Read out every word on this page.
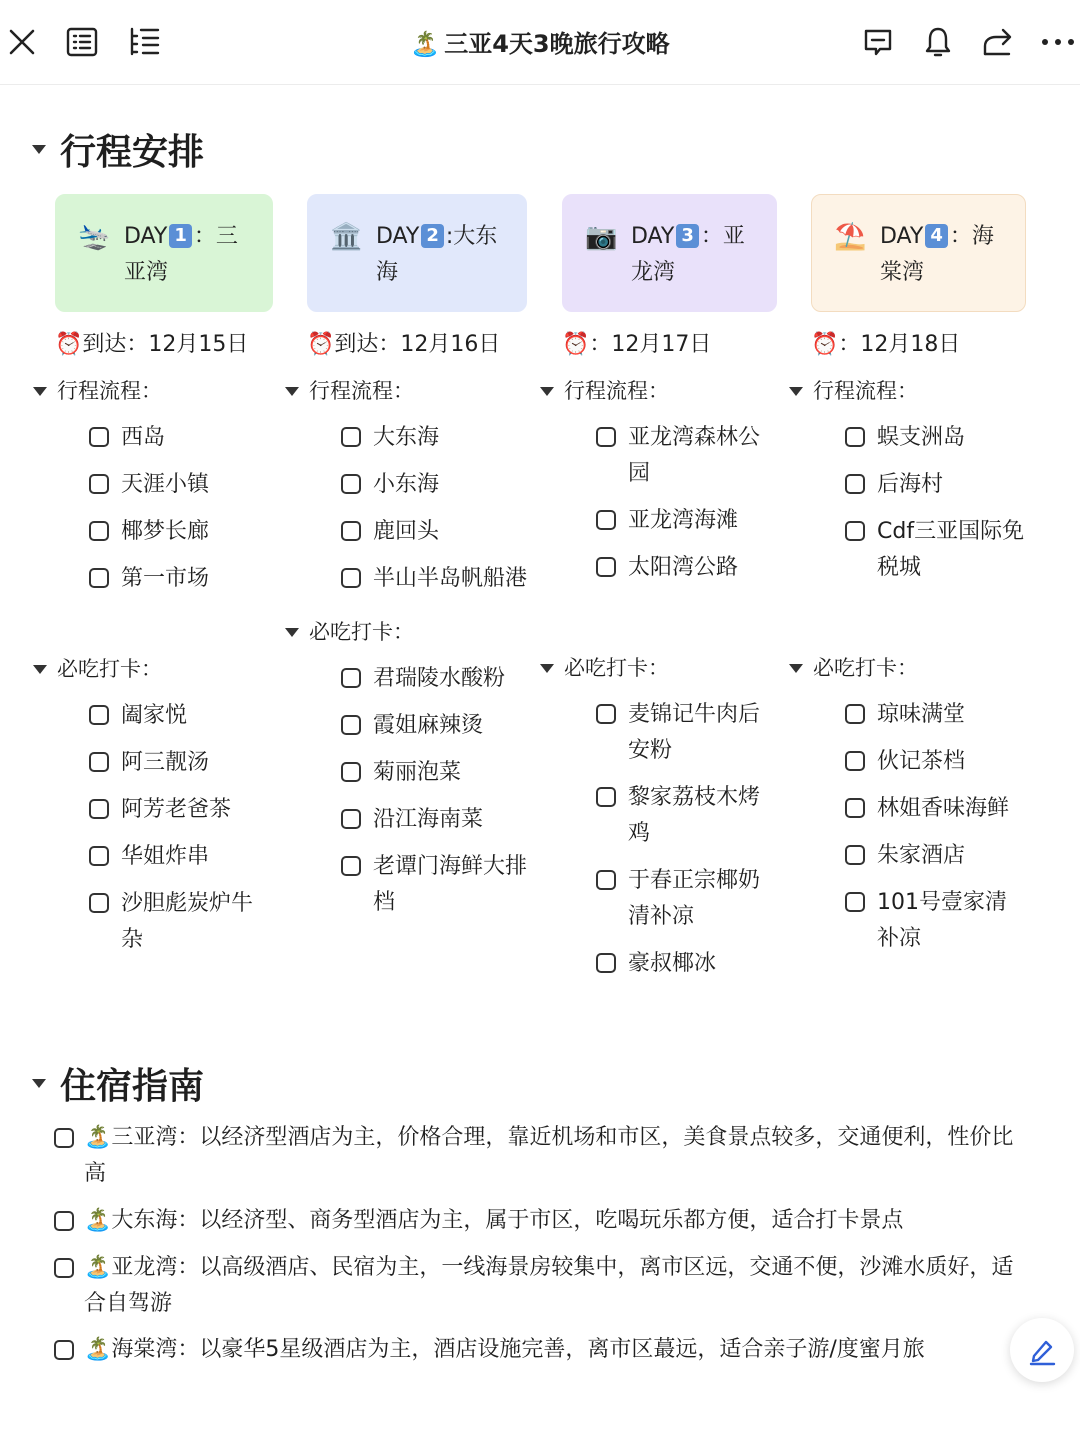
🏝️ 三亚4天3晚旅行攻略
行程安排
🛬 DAY 1 ：三亚湾
⏰到达：12月15日
行程流程：
西岛
天涯小镇
椰梦长廊
第一市场
必吃打卡：
阖家悦
阿三靓汤
阿芳老爸茶
华姐炸串
沙胆彪炭炉牛杂
🏛️ DAY 2 :大东海
⏰到达：12月16日
行程流程：
大东海
小东海
鹿回头
半山半岛帆船港
必吃打卡：
君瑞陵水酸粉
霞姐麻辣烫
菊丽泡菜
沿江海南菜
老谭门海鲜大排档
📷 DAY 3 ：亚龙湾
⏰：12月17日
行程流程：
亚龙湾森林公园
亚龙湾海滩
太阳湾公路
必吃打卡：
麦锦记牛肉后安粉
黎家荔枝木烤鸡
于春正宗椰奶清补凉
豪叔椰冰
⛱️ DAY 4 ：海棠湾
⏰：12月18日
行程流程：
蜈支洲岛
后海村
Cdf三亚国际免税城
必吃打卡：
琼味满堂
伙记茶档
林姐香味海鲜
朱家酒店
101号壹家清补凉
住宿指南
🏝️三亚湾：以经济型酒店为主，价格合理，靠近机场和市区，美食景点较多，交通便利，性价比高
🏝️大东海：以经济型、商务型酒店为主，属于市区，吃喝玩乐都方便，适合打卡景点
🏝️亚龙湾：以高级酒店、民宿为主，一线海景房较集中，离市区远，交通不便，沙滩水质好，适合自驾游
🏝️海棠湾：以豪华5星级酒店为主，酒店设施完善，离市区蕞远，适合亲子游/度蜜月旅
